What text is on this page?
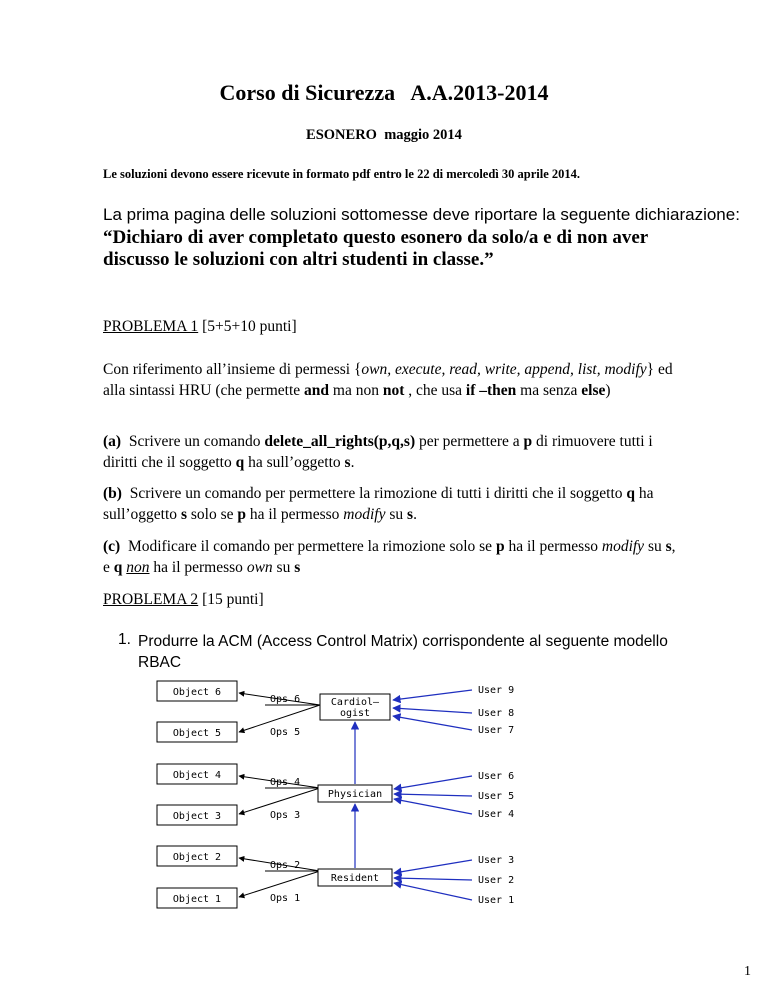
Corso di Sicurezza   A.A.2013-2014
ESONERO  maggio 2014
Le soluzioni devono essere ricevute in formato pdf entro le 22 di mercoledì 30 aprile 2014.
La prima pagina delle soluzioni sottomesse deve riportare la seguente dichiarazione:
“Dichiaro di aver completato questo esonero da solo/a e di non aver discusso le soluzioni con altri studenti in classe.”
PROBLEMA 1 [5+5+10 punti]
Con riferimento all’insieme di permessi {own, execute, read, write, append, list, modify} ed alla sintassi HRU (che permette and ma non not , che usa if –then ma senza else)
(a)  Scrivere un comando delete_all_rights(p,q,s) per permettere a p di rimuovere tutti i diritti che il soggetto q ha sull’oggetto s.
(b)  Scrivere un comando per permettere la rimozione di tutti i diritti che il soggetto q ha sull’oggetto s solo se p ha il permesso modify su s.
(c)  Modificare il comando per permettere la rimozione solo se p ha il permesso modify su s, e q non ha il permesso own su s
PROBLEMA 2 [15 punti]
1. Produrre la ACM (Access Control Matrix) corrispondente al seguente modello RBAC
Object 6
Object 5
Object 4
Object 3
Object 2
Object 1
Ops 6
Ops 5
Ops 4
Ops 3
Ops 2
Ops 1
Cardiol–
ogist
Physician
Resident
User 9
User 8
User 7
User 6
User 5
User 4
User 3
User 2
User 1
1
